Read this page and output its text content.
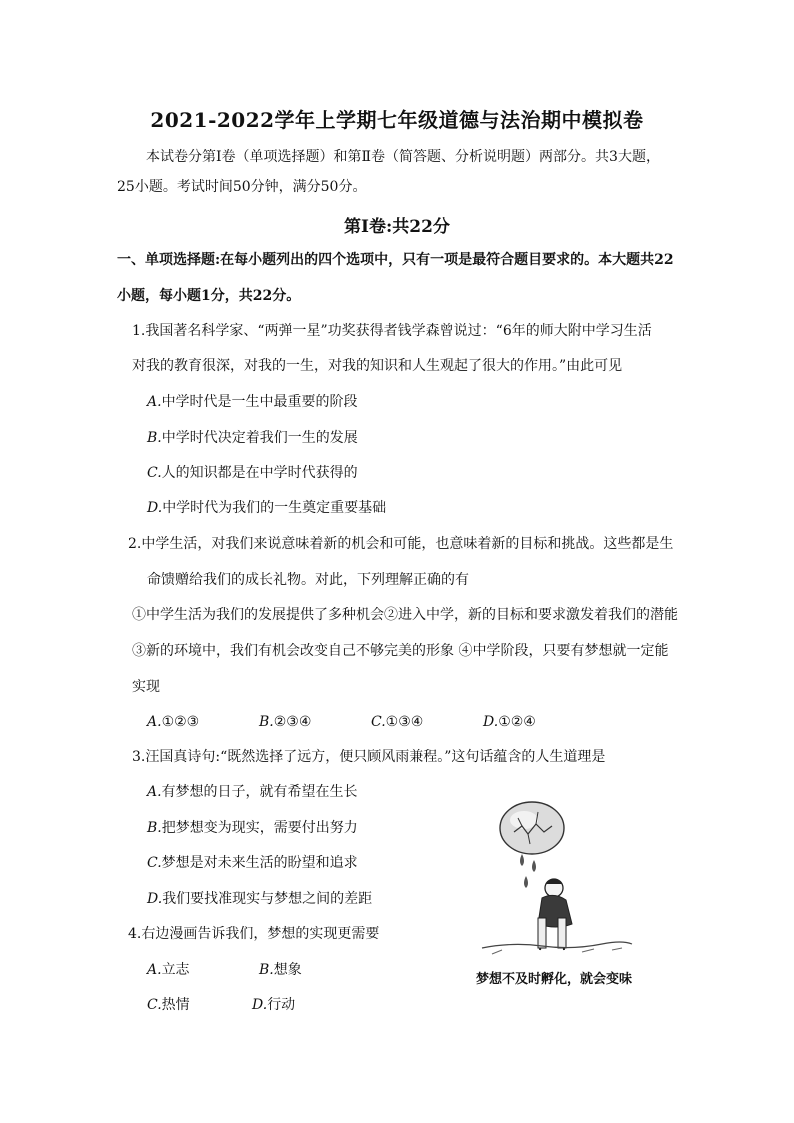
2021-2022学年上学期七年级道德与法治期中模拟卷
本试卷分第Ⅰ卷（单项选择题）和第Ⅱ卷（简答题、分析说明题）两部分。共3大题，
25小题。考试时间50分钟，满分50分。
第Ⅰ卷:共22分
一、单项选择题:在每小题列出的四个选项中，只有一项是最符合题目要求的。本大题共22
小题，每小题1分，共22分。
1.我国著名科学家、“两弹一星”功奖获得者钱学森曾说过：“6年的师大附中学习生活
对我的教育很深，对我的一生，对我的知识和人生观起了很大的作用。”由此可见
A.中学时代是一生中最重要的阶段
B.中学时代决定着我们一生的发展
C.人的知识都是在中学时代获得的
D.中学时代为我们的一生奠定重要基础
2.中学生活，对我们来说意味着新的机会和可能，也意味着新的目标和挑战。这些都是生
命馈赠给我们的成长礼物。对此，下列理解正确的有
①中学生活为我们的发展提供了多种机会②进入中学，新的目标和要求激发着我们的潜能
③新的环境中，我们有机会改变自己不够完美的形象 ④中学阶段，只要有梦想就一定能
实现
A.①②③	B.②③④	C.①③④	D.①②④
3.汪国真诗句:“既然选择了远方，便只顾风雨兼程。”这句话蕴含的人生道理是
A.有梦想的日子，就有希望在生长
B.把梦想变为现实，需要付出努力
C.梦想是对未来生活的盼望和追求
D.我们要找准现实与梦想之间的差距
4.右边漫画告诉我们，梦想的实现更需要
A.立志	B.想象
C.热情	D.行动
梦想不及时孵化，就会变味
